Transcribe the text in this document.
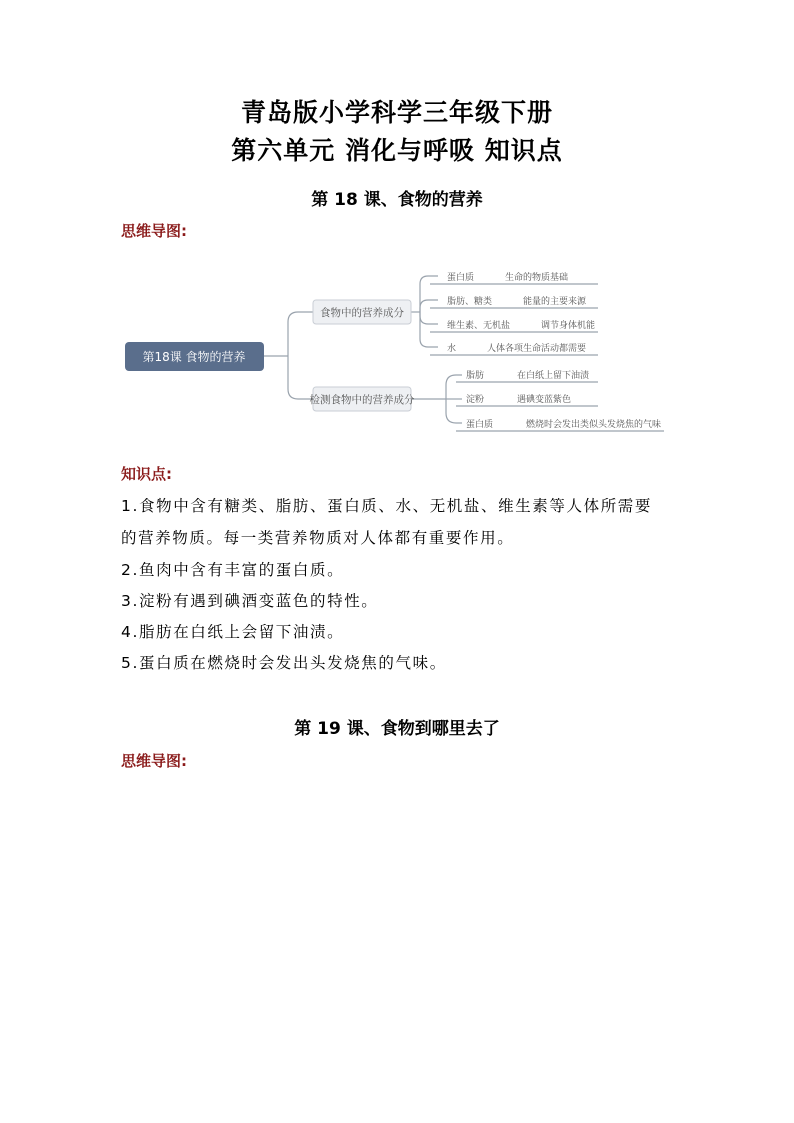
青岛版小学科学三年级下册
第六单元 消化与呼吸 知识点
第 18 课、食物的营养
思维导图:
第18课 食物的营养
食物中的营养成分
蛋白质	生命的物质基础
脂肪、糖类	能量的主要来源
维生素、无机盐	调节身体机能
水	人体各项生命活动都需要
检测食物中的营养成分
脂肪	在白纸上留下油渍
淀粉	遇碘变蓝紫色
蛋白质	燃烧时会发出类似头发烧焦的气味
知识点:
1.食物中含有糖类、脂肪、蛋白质、水、无机盐、维生素等人体所需要
的营养物质。每一类营养物质对人体都有重要作用。
2.鱼肉中含有丰富的蛋白质。
3.淀粉有遇到碘酒变蓝色的特性。
4.脂肪在白纸上会留下油渍。
5.蛋白质在燃烧时会发出头发烧焦的气味。
第 19 课、食物到哪里去了
思维导图:
